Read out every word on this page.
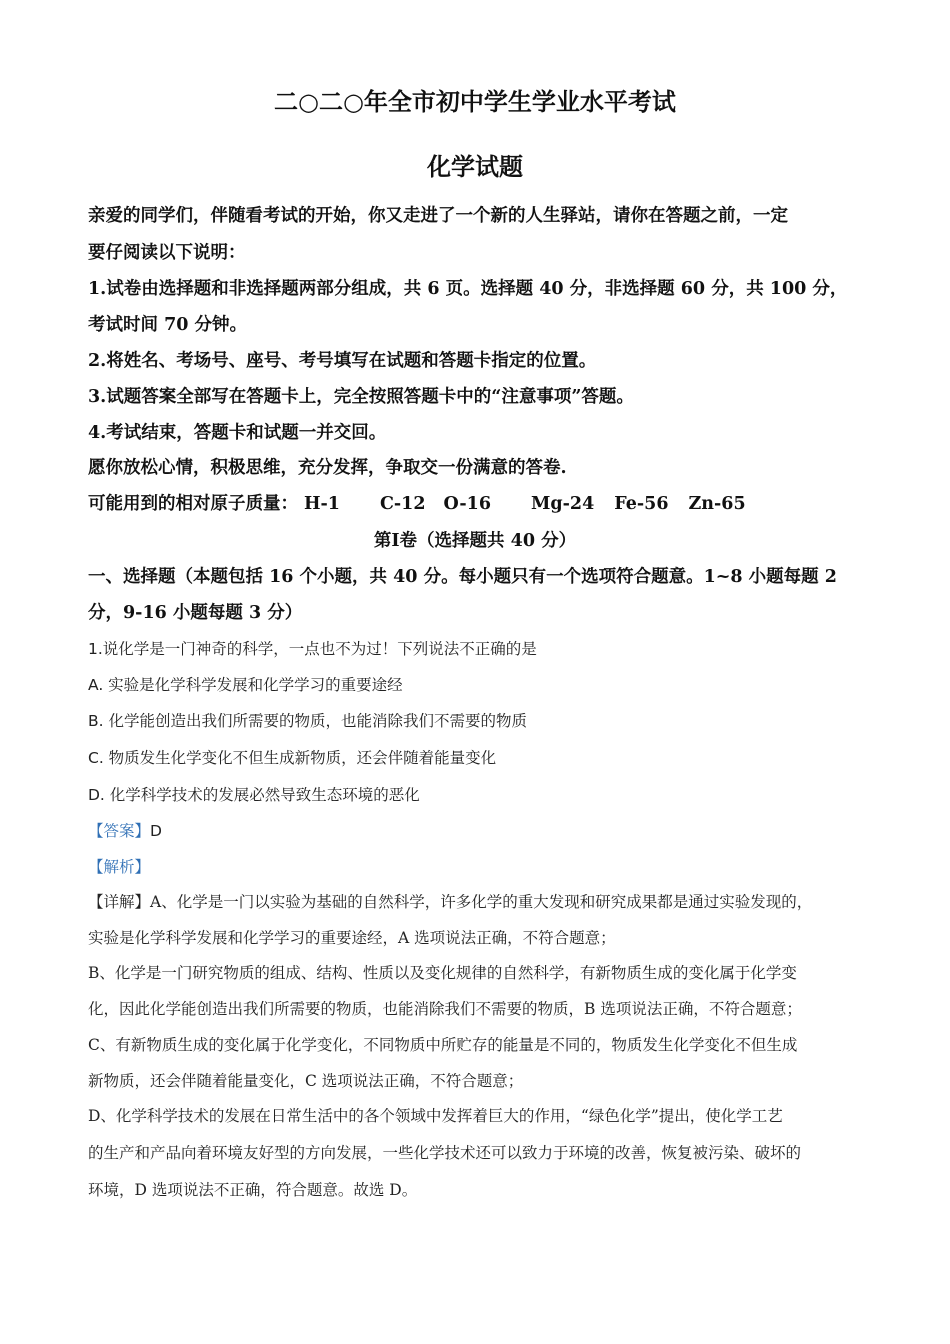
二○二○年全市初中学生学业水平考试
化学试题
亲爱的同学们，伴随看考试的开始，你又走进了一个新的人生驿站，请你在答题之前，一定
要仔阅读以下说明：
1.试卷由选择题和非选择题两部分组成，共 6 页。选择题 40 分，非选择题 60 分，共 100 分，
考试时间 70 分钟。
2.将姓名、考场号、座号、考号填写在试题和答题卡指定的位置。
3.试题答案全部写在答题卡上，完全按照答题卡中的“注意事项”答题。
4.考试结束，答题卡和试题一并交回。
愿你放松心情，积极思维，充分发挥，争取交一份满意的答卷.
可能用到的相对原子质量： H-1 C-12 O-16 Mg-24 Fe-56 Zn-65
第Ⅰ卷（选择题共 40 分）
一、选择题（本题包括 16 个小题，共 40 分。每小题只有一个选项符合题意。1~8 小题每题 2
分，9-16 小题每题 3 分）
1.说化学是一门神奇的科学，一点也不为过！下列说法不正确的是
A. 实验是化学科学发展和化学学习的重要途经
B. 化学能创造出我们所需要的物质，也能消除我们不需要的物质
C. 物质发生化学变化不但生成新物质，还会伴随着能量变化
D. 化学科学技术的发展必然导致生态环境的恶化
【答案】D
【解析】
【详解】A、化学是一门以实验为基础的自然科学，许多化学的重大发现和研究成果都是通过实验发现的，
实验是化学科学发展和化学学习的重要途经，A 选项说法正确，不符合题意；
B、化学是一门研究物质的组成、结构、性质以及变化规律的自然科学，有新物质生成的变化属于化学变
化，因此化学能创造出我们所需要的物质，也能消除我们不需要的物质，B 选项说法正确，不符合题意；
C、有新物质生成的变化属于化学变化，不同物质中所贮存的能量是不同的，物质发生化学变化不但生成
新物质，还会伴随着能量变化，C 选项说法正确，不符合题意；
D、化学科学技术的发展在日常生活中的各个领域中发挥着巨大的作用，“绿色化学”提出，使化学工艺
的生产和产品向着环境友好型的方向发展，一些化学技术还可以致力于环境的改善，恢复被污染、破坏的
环境，D 选项说法不正确，符合题意。故选 D。
